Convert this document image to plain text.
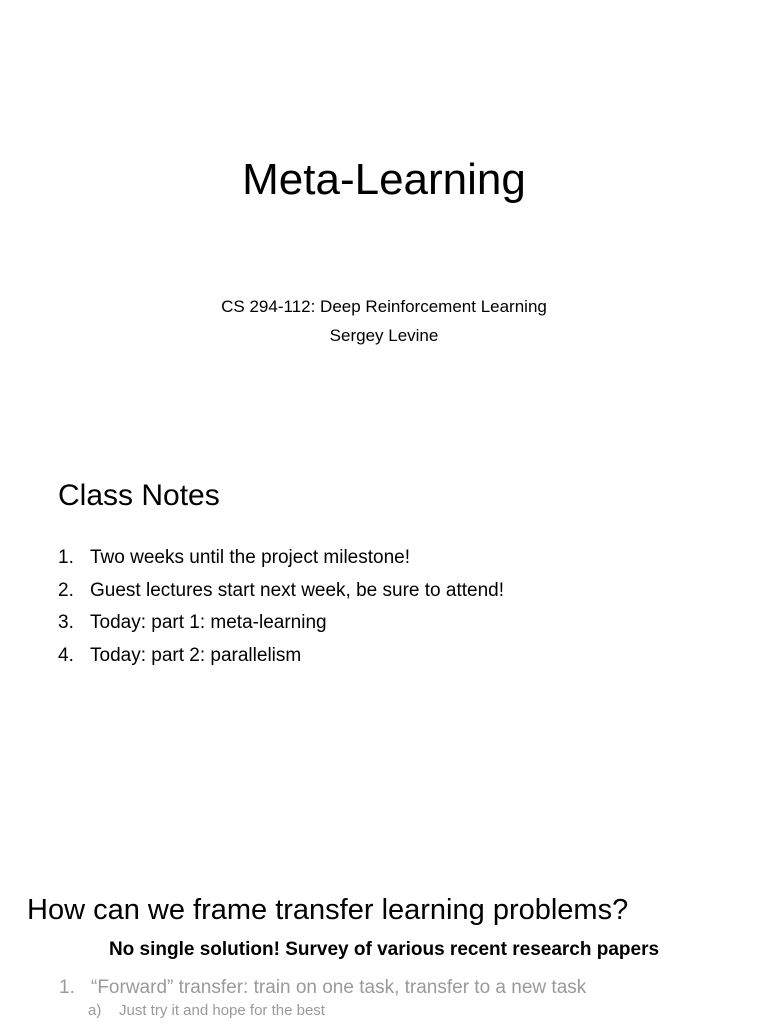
Meta-Learning

CS 294-112: Deep Reinforcement Learning

Sergey Levine

Class Notes
1. Two weeks until the project milestone!
2. Guest lectures start next week, be sure to attend!
3. Today: part 1: meta-learning
4. Today: part 2: parallelism
How can we frame transfer learning problems?

No single solution! Survey of various recent research papers

1. “Forward” transfer: train on one task, transfer to a new task
a)	Just try it and hope for the best
